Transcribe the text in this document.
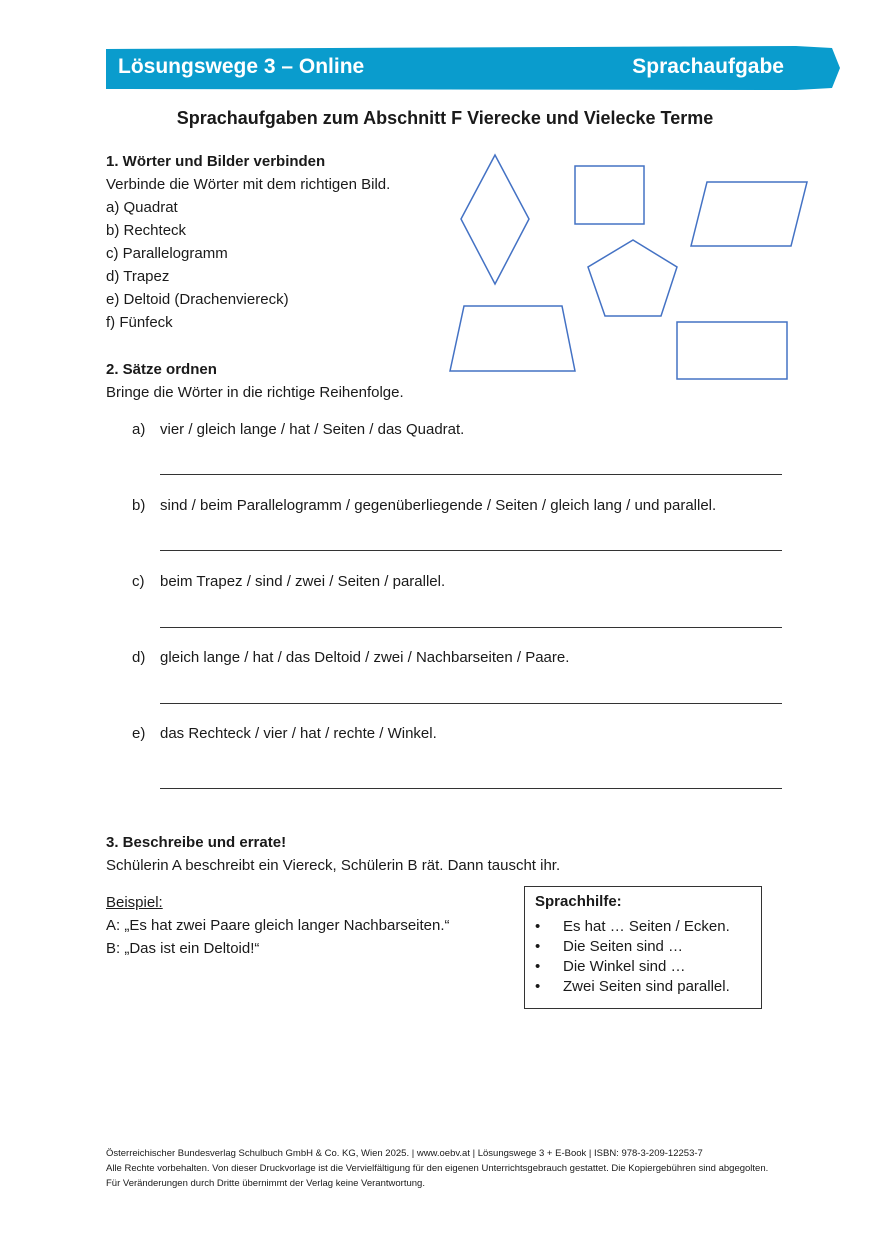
Lösungswege 3 – Online	Sprachaufgabe
Sprachaufgaben zum Abschnitt F Vierecke und Vielecke Terme
1. Wörter und Bilder verbinden
Verbinde die Wörter mit dem richtigen Bild.
a) Quadrat
b) Rechteck
c) Parallelogramm
d) Trapez
e) Deltoid (Drachenviereck)
f) Fünfeck
2. Sätze ordnen
Bringe die Wörter in die richtige Reihenfolge.
a) vier / gleich lange / hat / Seiten / das Quadrat.
b) sind / beim Parallelogramm / gegenüberliegende / Seiten / gleich lang / und parallel.
c) beim Trapez / sind / zwei / Seiten / parallel.
d) gleich lange / hat / das Deltoid / zwei / Nachbarseiten / Paare.
e) das Rechteck / vier / hat / rechte / Winkel.
3. Beschreibe und errate!
Schülerin A beschreibt ein Viereck, Schülerin B rät. Dann tauscht ihr.
Beispiel:
A: „Es hat zwei Paare gleich langer Nachbarseiten.“
B: „Das ist ein Deltoid!“
Sprachhilfe:
• Es hat … Seiten / Ecken.
• Die Seiten sind …
• Die Winkel sind …
• Zwei Seiten sind parallel.
Österreichischer Bundesverlag Schulbuch GmbH & Co. KG, Wien 2025. | www.oebv.at | Lösungswege 3 + E-Book | ISBN: 978-3-209-12253-7
Alle Rechte vorbehalten. Von dieser Druckvorlage ist die Vervielfältigung für den eigenen Unterrichtsgebrauch gestattet. Die Kopiergebühren sind abgegolten.
Für Veränderungen durch Dritte übernimmt der Verlag keine Verantwortung.
